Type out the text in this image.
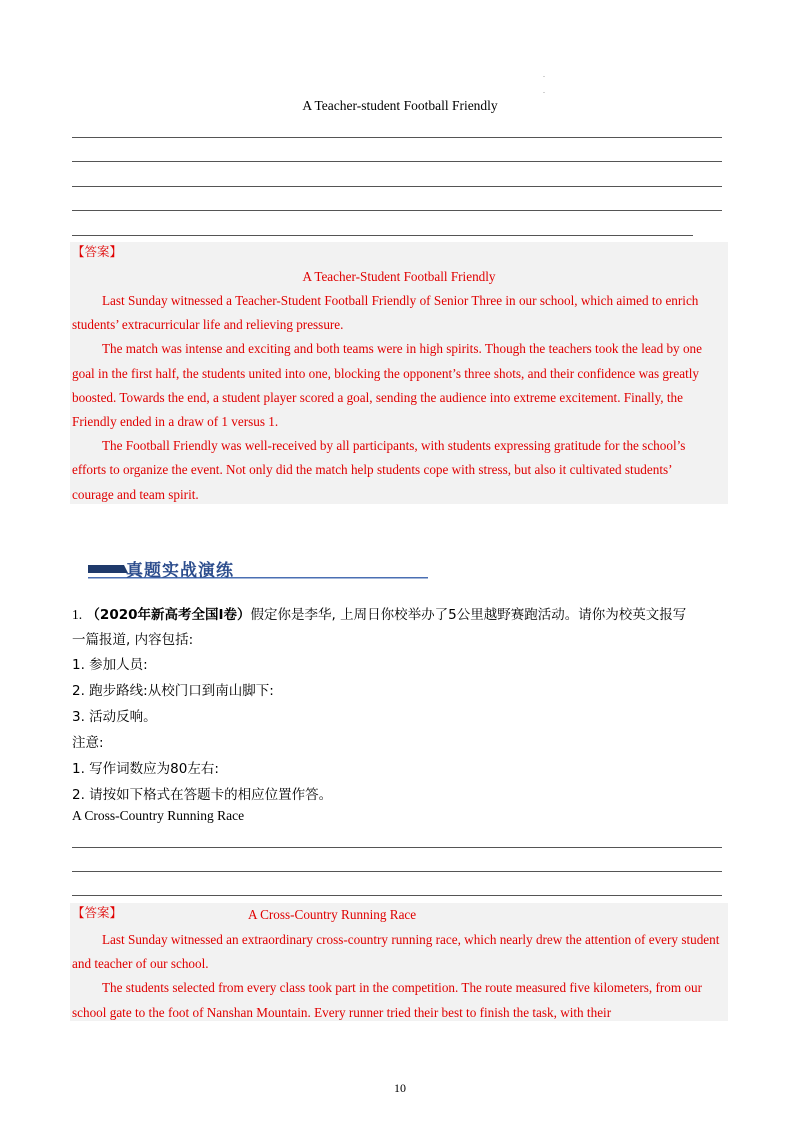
.
.
A Teacher-student Football Friendly
【答案】
A Teacher-Student Football Friendly

Last Sunday witnessed a Teacher-Student Football Friendly of Senior Three in our school, which aimed to enrich students’ extracurricular life and relieving pressure.

The match was intense and exciting and both teams were in high spirits. Though the teachers took the lead by one goal in the first half, the students united into one, blocking the opponent’s three shots, and their confidence was greatly boosted. Towards the end, a student player scored a goal, sending the audience into extreme excitement. Finally, the Friendly ended in a draw of 1 versus 1.

The Football Friendly was well-received by all participants, with students expressing gratitude for the school’s efforts to organize the event. Not only did the match help students cope with stress, but also it cultivated students’ courage and team spirit.

真题实战演练
1. （2020年新高考全国Ⅰ卷）假定你是李华, 上周日你校举办了5公里越野赛跑活动。请你为校英文报写
一篇报道, 内容包括:
1. 参加人员:
2. 跑步路线:从校门口到南山脚下:
3. 活动反响。
注意:
1. 写作词数应为80左右:
2. 请按如下格式在答题卡的相应位置作答。
A Cross-Country Running Race
【答案】	A Cross-Country Running Race

Last Sunday witnessed an extraordinary cross-country running race, which nearly drew the attention of every student and teacher of our school.

The students selected from every class took part in the competition. The route measured five kilometers, from our school gate to the foot of Nanshan Mountain. Every runner tried their best to finish the task, with their

10
